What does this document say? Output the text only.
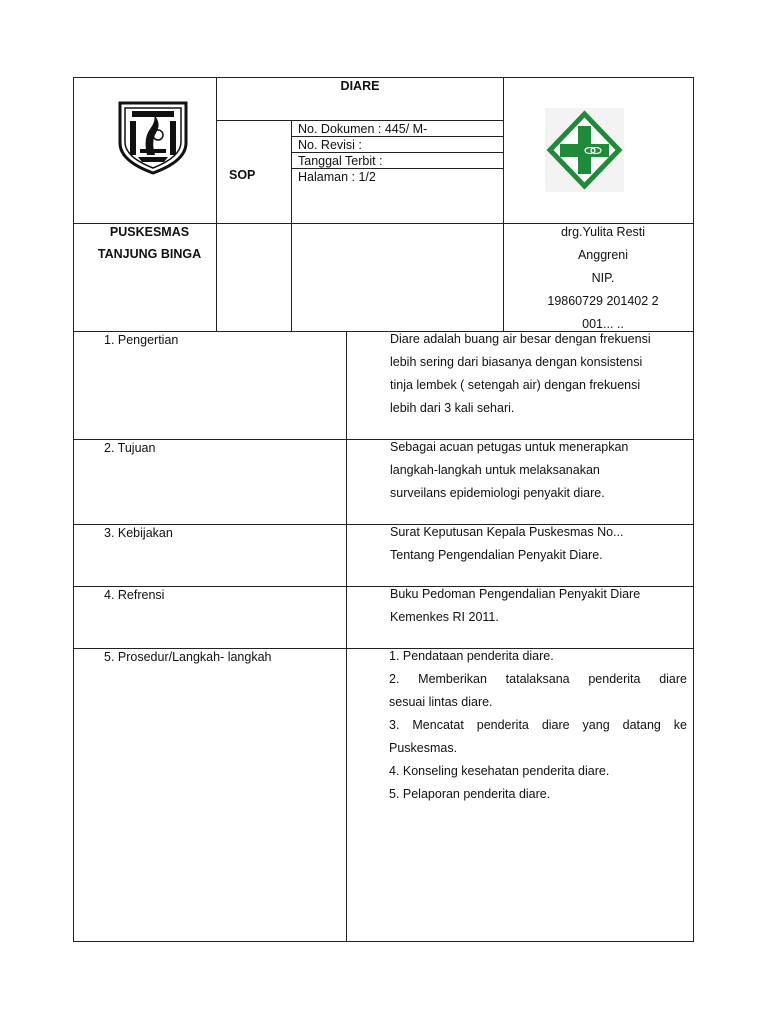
DIARE
SOP
No. Dokumen : 445/ M-
No. Revisi :
Tanggal Terbit :
Halaman : 1/2
PUSKESMAS
TANJUNG BINGA
drg.Yulita Resti
Anggreni
NIP.
19860729 201402 2
001... ..
1. Pengertian	Diare adalah buang air besar dengan frekuensi
lebih sering dari biasanya dengan konsistensi
tinja lembek ( setengah air) dengan frekuensi
lebih dari 3 kali sehari.
2. Tujuan	Sebagai acuan petugas untuk menerapkan
langkah-langkah untuk melaksanakan
surveilans epidemiologi penyakit diare.
3. Kebijakan	Surat Keputusan Kepala Puskesmas No...
Tentang Pengendalian Penyakit Diare.
4. Refrensi	Buku Pedoman Pengendalian Penyakit Diare
Kemenkes RI 2011.
5. Prosedur/Langkah- langkah	1. Pendataan penderita diare.
2. Memberikan tatalaksana penderita diare
sesuai lintas diare.
3. Mencatat penderita diare yang datang ke
Puskesmas.
4. Konseling kesehatan penderita diare.
5. Pelaporan penderita diare.
